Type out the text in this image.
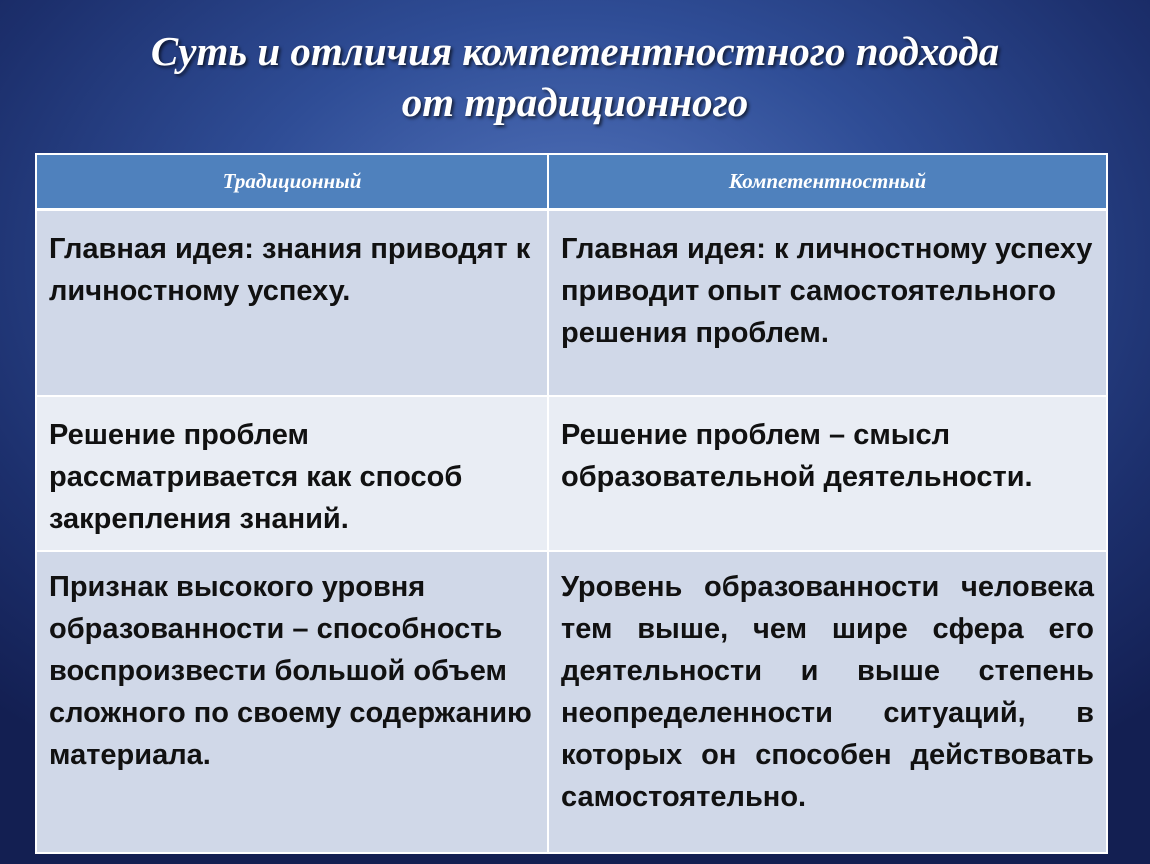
Суть и отличия компетентностного подхода
от традиционного
Традиционный	Компетентностный

Главная идея: знания приводят к личностному успеху.	Главная идея: к личностному успеху приводит опыт самостоятельного решения проблем.

Решение проблем рассматривается как способ закрепления знаний.	Решение проблем – смысл образовательной деятельности.

Признак высокого уровня образованности – способность воспроизвести большой объем сложного по своему содержанию материала.	Уровень образованности человека тем выше, чем шире сфера его деятельности и выше степень неопределенности ситуаций, в которых он способен действовать самостоятельно.
